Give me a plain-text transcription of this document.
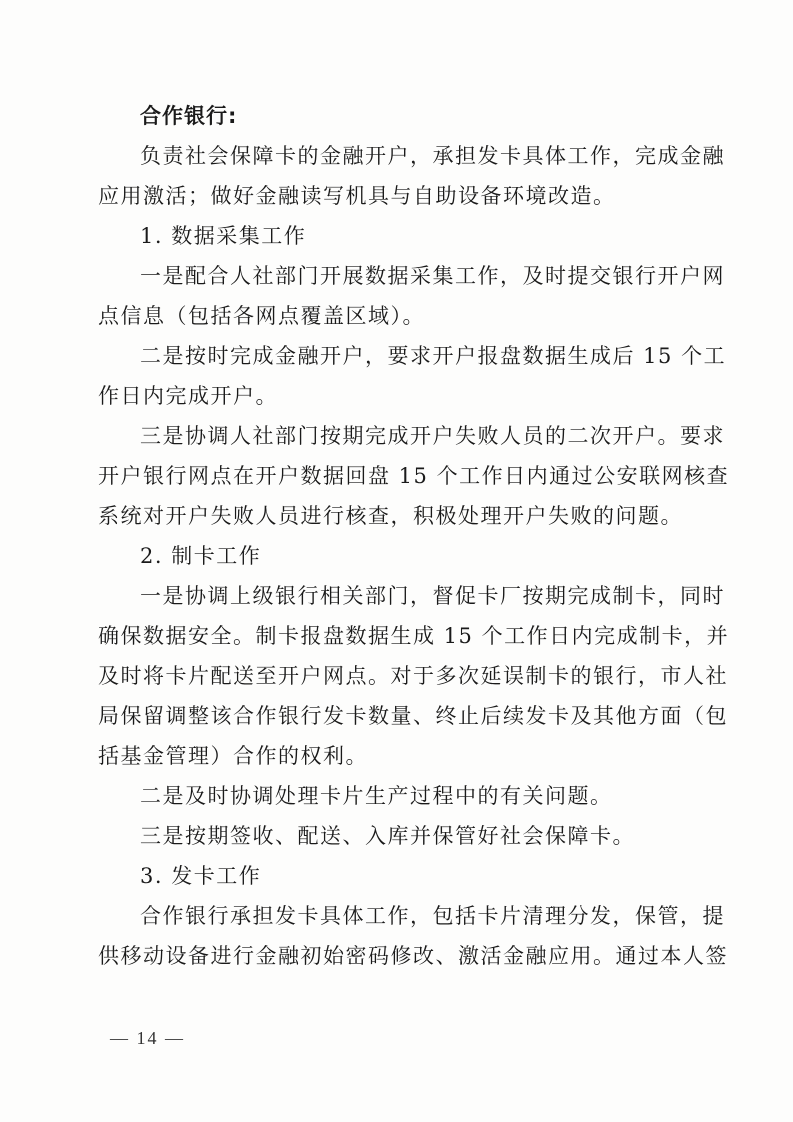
合作银行:
负责社会保障卡的金融开户，承担发卡具体工作，完成金融
应用激活；做好金融读写机具与自助设备环境改造。
1. 数据采集工作
一是配合人社部门开展数据采集工作，及时提交银行开户网
点信息（包括各网点覆盖区域）。
二是按时完成金融开户，要求开户报盘数据生成后 15 个工
作日内完成开户。
三是协调人社部门按期完成开户失败人员的二次开户。要求
开户银行网点在开户数据回盘 15 个工作日内通过公安联网核查
系统对开户失败人员进行核查，积极处理开户失败的问题。
2. 制卡工作
一是协调上级银行相关部门，督促卡厂按期完成制卡，同时
确保数据安全。制卡报盘数据生成 15 个工作日内完成制卡，并
及时将卡片配送至开户网点。对于多次延误制卡的银行，市人社
局保留调整该合作银行发卡数量、终止后续发卡及其他方面（包
括基金管理）合作的权利。
二是及时协调处理卡片生产过程中的有关问题。
三是按期签收、配送、入库并保管好社会保障卡。
3. 发卡工作
合作银行承担发卡具体工作，包括卡片清理分发，保管，提
供移动设备进行金融初始密码修改、激活金融应用。通过本人签
— 14 —
